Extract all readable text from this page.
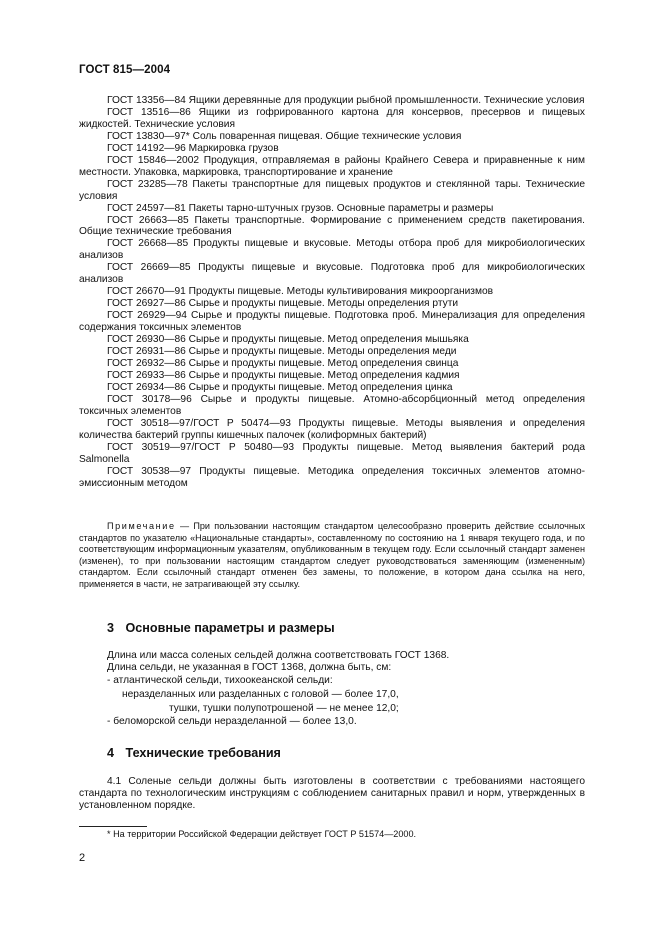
ГОСТ 815—2004
ГОСТ 13356—84 Ящики деревянные для продукции рыбной промышленности. Технические условия
ГОСТ 13516—86 Ящики из гофрированного картона для консервов, пресервов и пищевых жидкостей. Технические условия
ГОСТ 13830—97* Соль поваренная пищевая. Общие технические условия
ГОСТ 14192—96 Маркировка грузов
ГОСТ 15846—2002 Продукция, отправляемая в районы Крайнего Севера и приравненные к ним местности. Упаковка, маркировка, транспортирование и хранение
ГОСТ 23285—78 Пакеты транспортные для пищевых продуктов и стеклянной тары. Технические условия
ГОСТ 24597—81 Пакеты тарно-штучных грузов. Основные параметры и размеры
ГОСТ 26663—85 Пакеты транспортные. Формирование с применением средств пакетирования. Общие технические требования
ГОСТ 26668—85 Продукты пищевые и вкусовые. Методы отбора проб для микробиологических анализов
ГОСТ 26669—85 Продукты пищевые и вкусовые. Подготовка проб для микробиологических анализов
ГОСТ 26670—91 Продукты пищевые. Методы культивирования микроорганизмов
ГОСТ 26927—86 Сырье и продукты пищевые. Методы определения ртути
ГОСТ 26929—94 Сырье и продукты пищевые. Подготовка проб. Минерализация для определения содержания токсичных элементов
ГОСТ 26930—86 Сырье и продукты пищевые. Метод определения мышьяка
ГОСТ 26931—86 Сырье и продукты пищевые. Методы определения меди
ГОСТ 26932—86 Сырье и продукты пищевые. Метод определения свинца
ГОСТ 26933—86 Сырье и продукты пищевые. Метод определения кадмия
ГОСТ 26934—86 Сырье и продукты пищевые. Метод определения цинка
ГОСТ 30178—96 Сырье и продукты пищевые. Атомно-абсорбционный метод определения токсичных элементов
ГОСТ 30518—97/ГОСТ Р 50474—93 Продукты пищевые. Методы выявления и определения количества бактерий группы кишечных палочек (колиформных бактерий)
ГОСТ 30519—97/ГОСТ Р 50480—93 Продукты пищевые. Метод выявления бактерий рода Salmonella
ГОСТ 30538—97 Продукты пищевые. Методика определения токсичных элементов атомно-эмиссионным методом
Примечание — При пользовании настоящим стандартом целесообразно проверить действие ссылочных стандартов по указателю «Национальные стандарты», составленному по состоянию на 1 января текущего года, и по соответствующим информационным указателям, опубликованным в текущем году. Если ссылочный стандарт заменен (изменен), то при пользовании настоящим стандартом следует руководствоваться заменяющим (измененным) стандартом. Если ссылочный стандарт отменен без замены, то положение, в котором дана ссылка на него, применяется в части, не затрагивающей эту ссылку.
3 Основные параметры и размеры
Длина или масса соленых сельдей должна соответствовать ГОСТ 1368.
Длина сельди, не указанная в ГОСТ 1368, должна быть, см:
- атлантической сельди, тихоокеанской сельди:
неразделанных или разделанных с головой — более 17,0,
тушки, тушки полупотрошеной — не менее 12,0;
- беломорской сельди неразделанной — более 13,0.
4 Технические требования
4.1 Соленые сельди должны быть изготовлены в соответствии с требованиями настоящего стандарта по технологическим инструкциям с соблюдением санитарных правил и норм, утвержденных в установленном порядке.
* На территории Российской Федерации действует ГОСТ Р 51574—2000.
2
